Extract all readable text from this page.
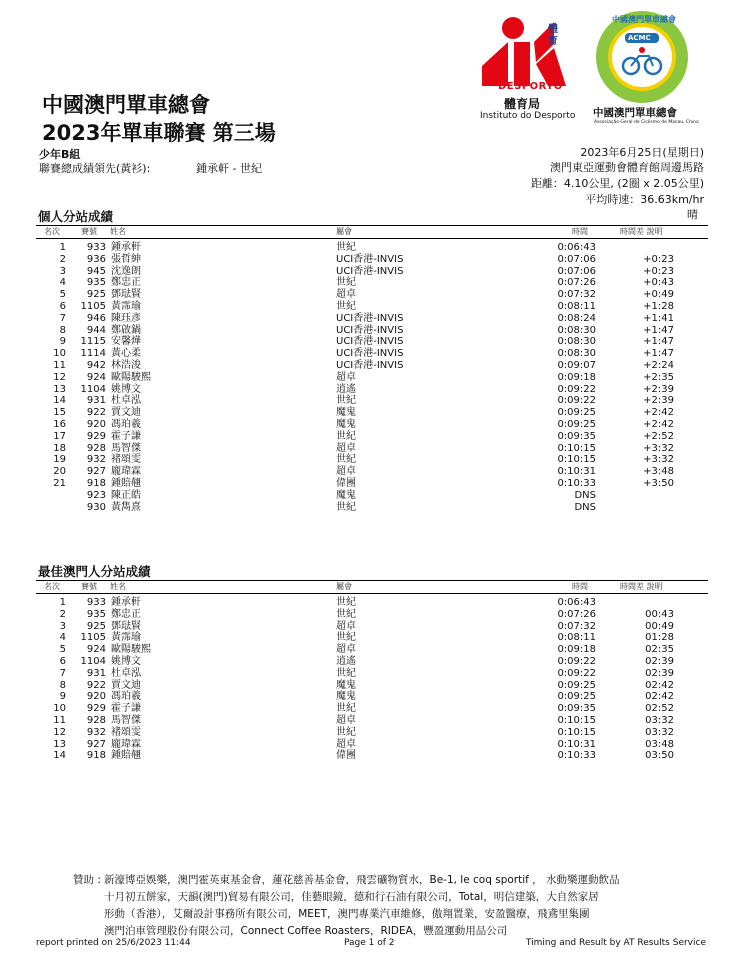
中國澳門單車總會
2023年單車聯賽 第三場
少年B組
聯賽總成績領先(黃衫):	鍾承軒 - 世紀
2023年6月25日(星期日)
澳門東亞運動會體育館周邊馬路
距離：4.10公里, (2圈 x 2.05公里)
平均時速：36.63km/hr
晴
體育
DESPORTO
體育局
Instituto do Desporto
中國澳門單車總會
ACMC
中國澳門單車總會
Associação Geral de Ciclismo de Macau, China
個人分站成績
名次	賽號 姓名	屬會	時間	時間差 說明
1	933 鍾承軒	世紀	0:06:43
2	936 張哲紳	UCI香港-INVIS	0:07:06	+0:23
3	945 沈逸朗	UCI香港-INVIS	0:07:06	+0:23
4	935 鄭忠正	世紀	0:07:26	+0:43
5	925 鄧琺賢	超卓	0:07:32	+0:49
6	1105 黃霈瑜	世紀	0:08:11	+1:28
7	946 陳珏彥	UCI香港-INVIS	0:08:24	+1:41
8	944 鄭啟鍋	UCI香港-INVIS	0:08:30	+1:47
9	1115 安馨燁	UCI香港-INVIS	0:08:30	+1:47
10	1114 黃心柔	UCI香港-INVIS	0:08:30	+1:47
11	942 林浩浚	UCI香港-INVIS	0:09:07	+2:24
12	924 歐陽駿熙	超卓	0:09:18	+2:35
13	1104 姚博文	逍遙	0:09:22	+2:39
14	931 杜卓泓	世紀	0:09:22	+2:39
15	922 賈文迪	魔鬼	0:09:25	+2:42
16	920 馮珀羲	魔鬼	0:09:25	+2:42
17	929 霍子謙	世紀	0:09:35	+2:52
18	928 馬智傑	超卓	0:10:15	+3:32
19	932 褚頌雯	世紀	0:10:15	+3:32
20	927 龐瑋霖	超卓	0:10:31	+3:48
21	918 鍾賠翹	偉團	0:10:33	+3:50
923 陳正皓	魔鬼	DNS
930 黃雋熹	世紀	DNS
最佳澳門人分站成績
名次	賽號 姓名	屬會	時間	時間差 說明
1	933 鍾承軒	世紀	0:06:43
2	935 鄭忠正	世紀	0:07:26	00:43
3	925 鄧琺賢	超卓	0:07:32	00:49
4	1105 黃霈瑜	世紀	0:08:11	01:28
5	924 歐陽駿熙	超卓	0:09:18	02:35
6	1104 姚博文	逍遙	0:09:22	02:39
7	931 杜卓泓	世紀	0:09:22	02:39
8	922 賈文迪	魔鬼	0:09:25	02:42
9	920 馮珀羲	魔鬼	0:09:25	02:42
10	929 霍子謙	世紀	0:09:35	02:52
11	928 馬智傑	超卓	0:10:15	03:32
12	932 褚頌雯	世紀	0:10:15	03:32
13	927 龐瑋霖	超卓	0:10:31	03:48
14	918 鍾賠翹	偉團	0:10:33	03:50
贊助 : 新濠博亞娛樂，澳門霍英東基金會，蓮花慈善基金會，飛雲礦物質水，Be-1, le coq sportif ， 水動樂運動飲品
十月初五餅家，天韻(澳門)貿易有限公司，佳藝眼鏡，德和行石油有限公司，Total，明信建築，大自然家居
形動（香港），艾爾設計事務所有限公司，MEET，澳門專業汽車維修，傲翔置業，安盈醫療，飛鳶里集團
澳門泊車管理股份有限公司，Connect Coffee Roasters，RIDEA，豐盈運動用品公司
report printed on 25/6/2023 11:44	Page 1 of 2	Timing and Result by AT Results Service
